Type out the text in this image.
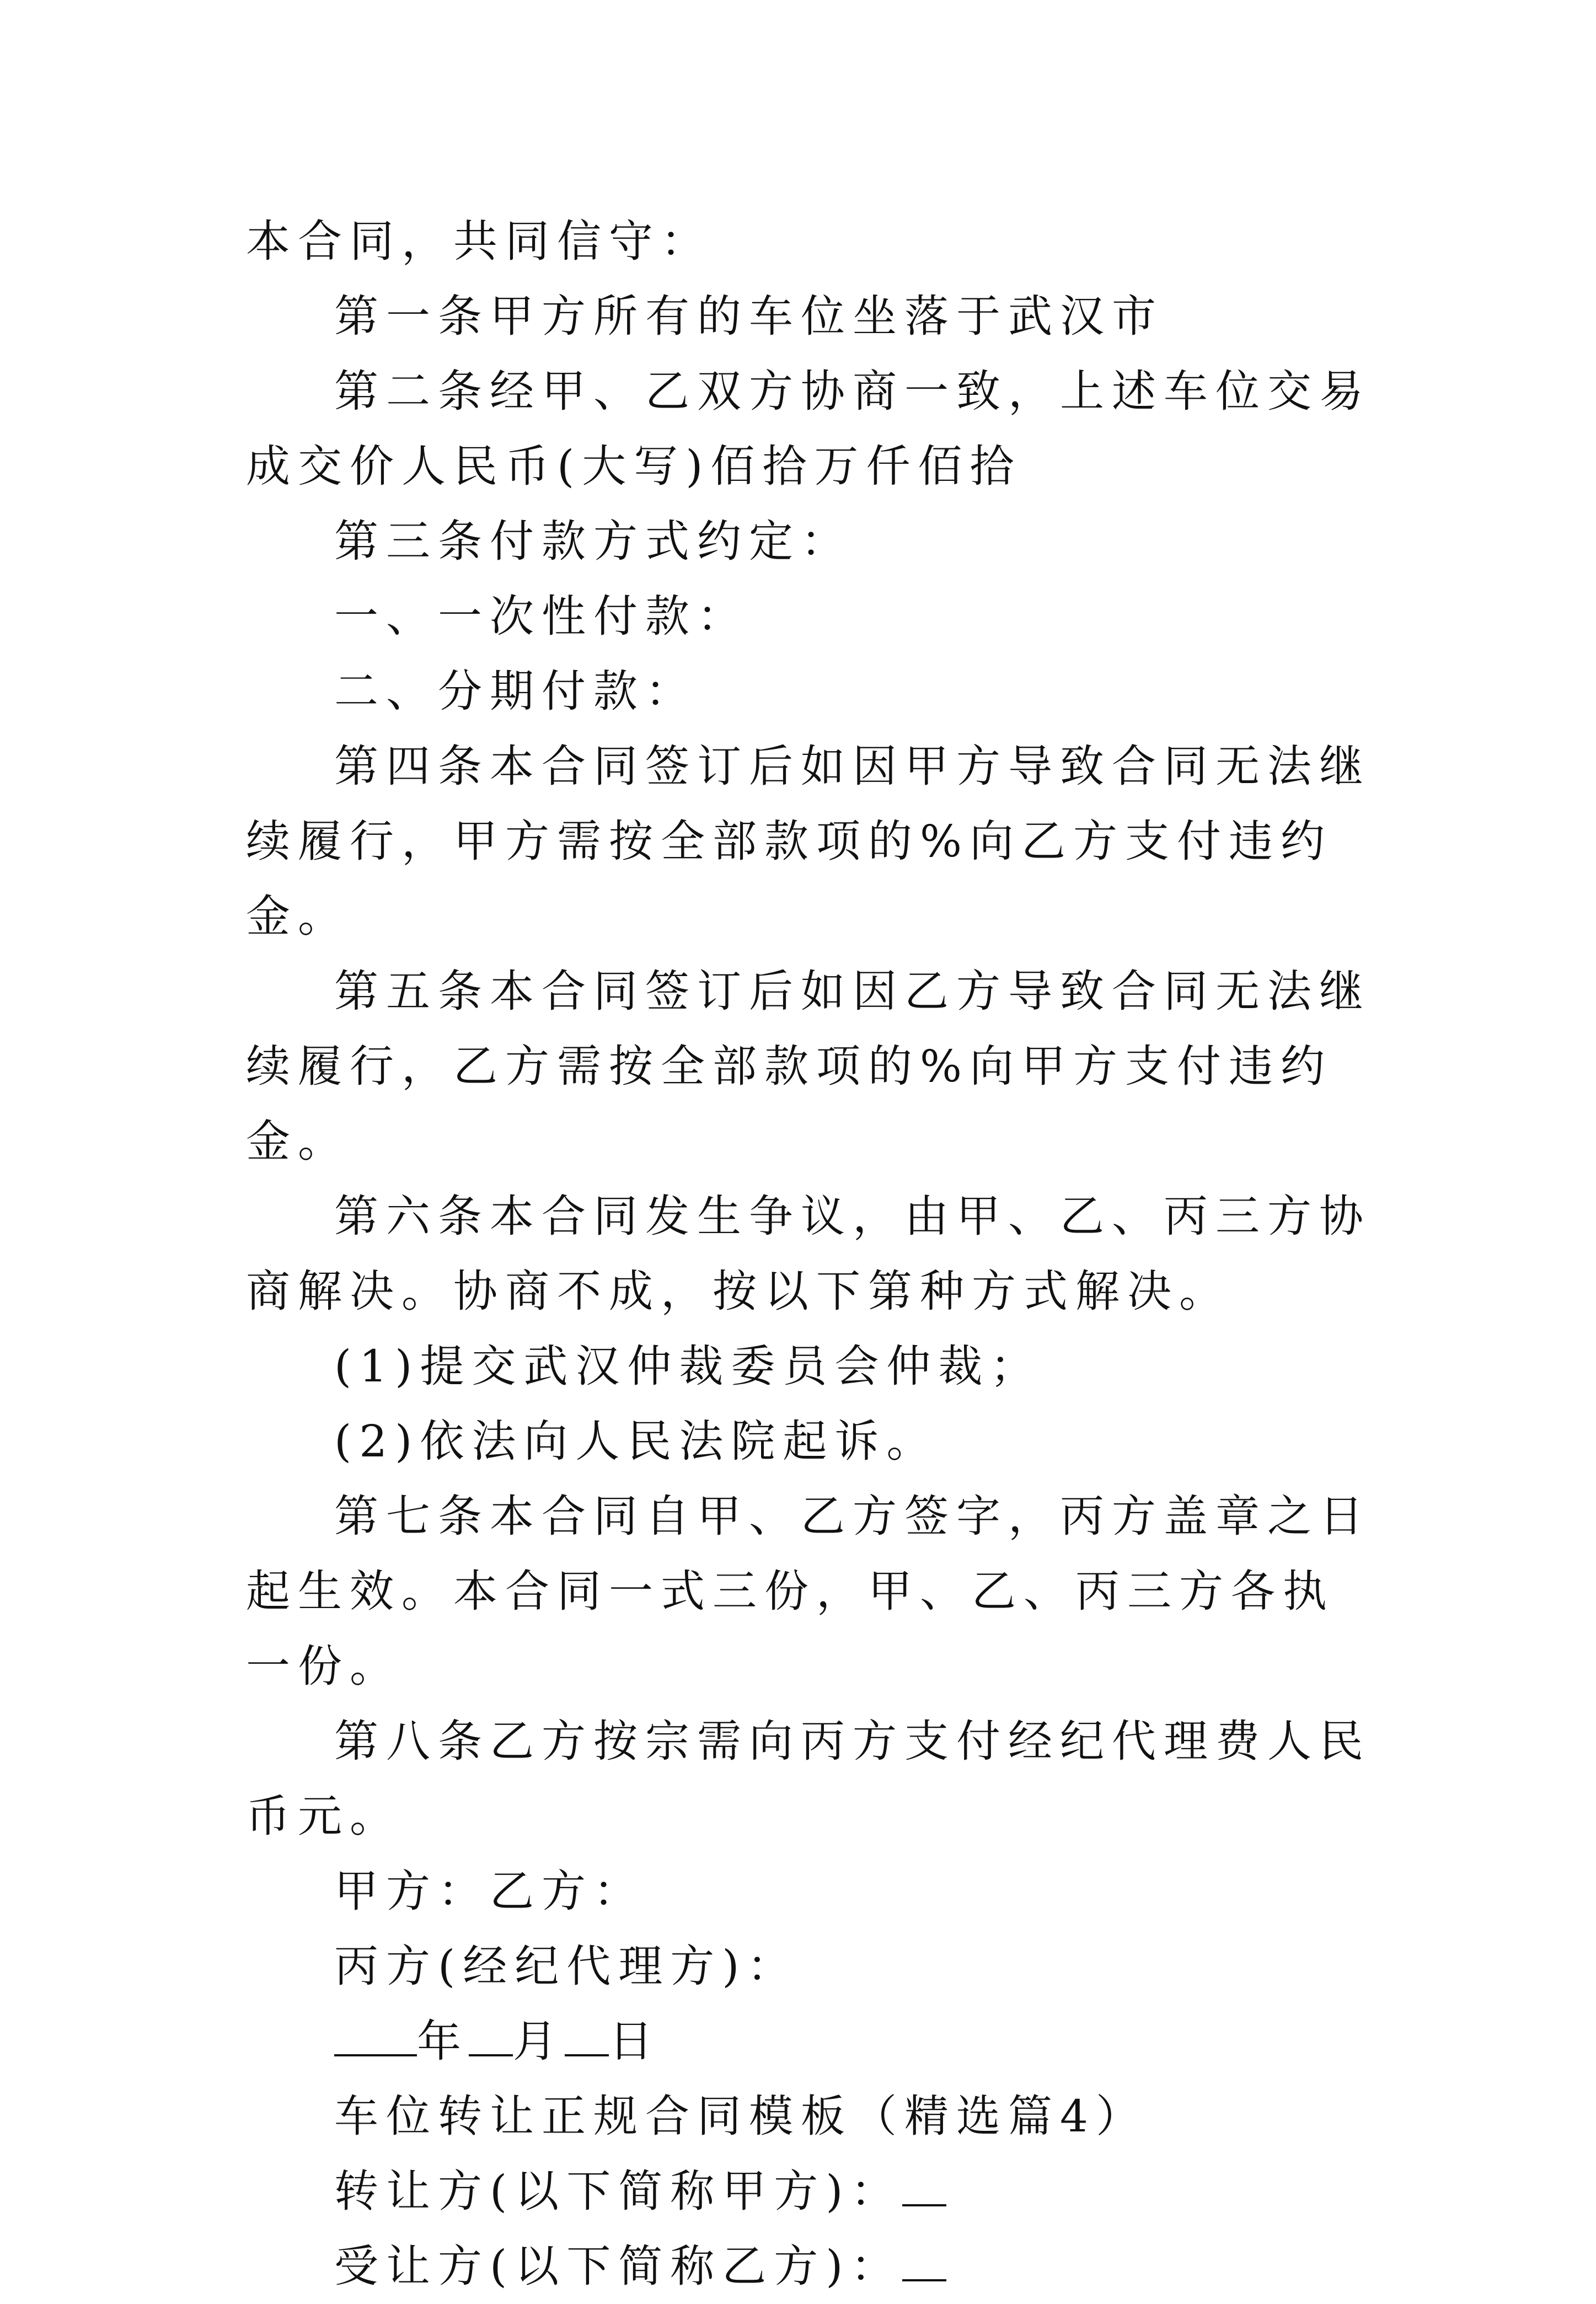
本合同，共同信守：

第一条甲方所有的车位坐落于武汉市

第二条经甲、乙双方协商一致，上述车位交易成交价人民币(大写)佰拾万仟佰拾

第三条付款方式约定：

一、一次性付款：

二、分期付款：

第四条本合同签订后如因甲方导致合同无法继续履行，甲方需按全部款项的%向乙方支付违约金。

第五条本合同签订后如因乙方导致合同无法继续履行，乙方需按全部款项的%向甲方支付违约金。

第六条本合同发生争议，由甲、乙、丙三方协商解决。协商不成，按以下第种方式解决。

(1)提交武汉仲裁委员会仲裁；

(2)依法向人民法院起诉。

第七条本合同自甲、乙方签字，丙方盖章之日起生效。本合同一式三份，甲、乙、丙三方各执一份。

第八条乙方按宗需向丙方支付经纪代理费人民币元。

甲方：乙方：

丙方(经纪代理方)：

年 月 日

车位转让正规合同模板（精选篇4）

转让方(以下简称甲方)：

受让方(以下简称乙方)：
